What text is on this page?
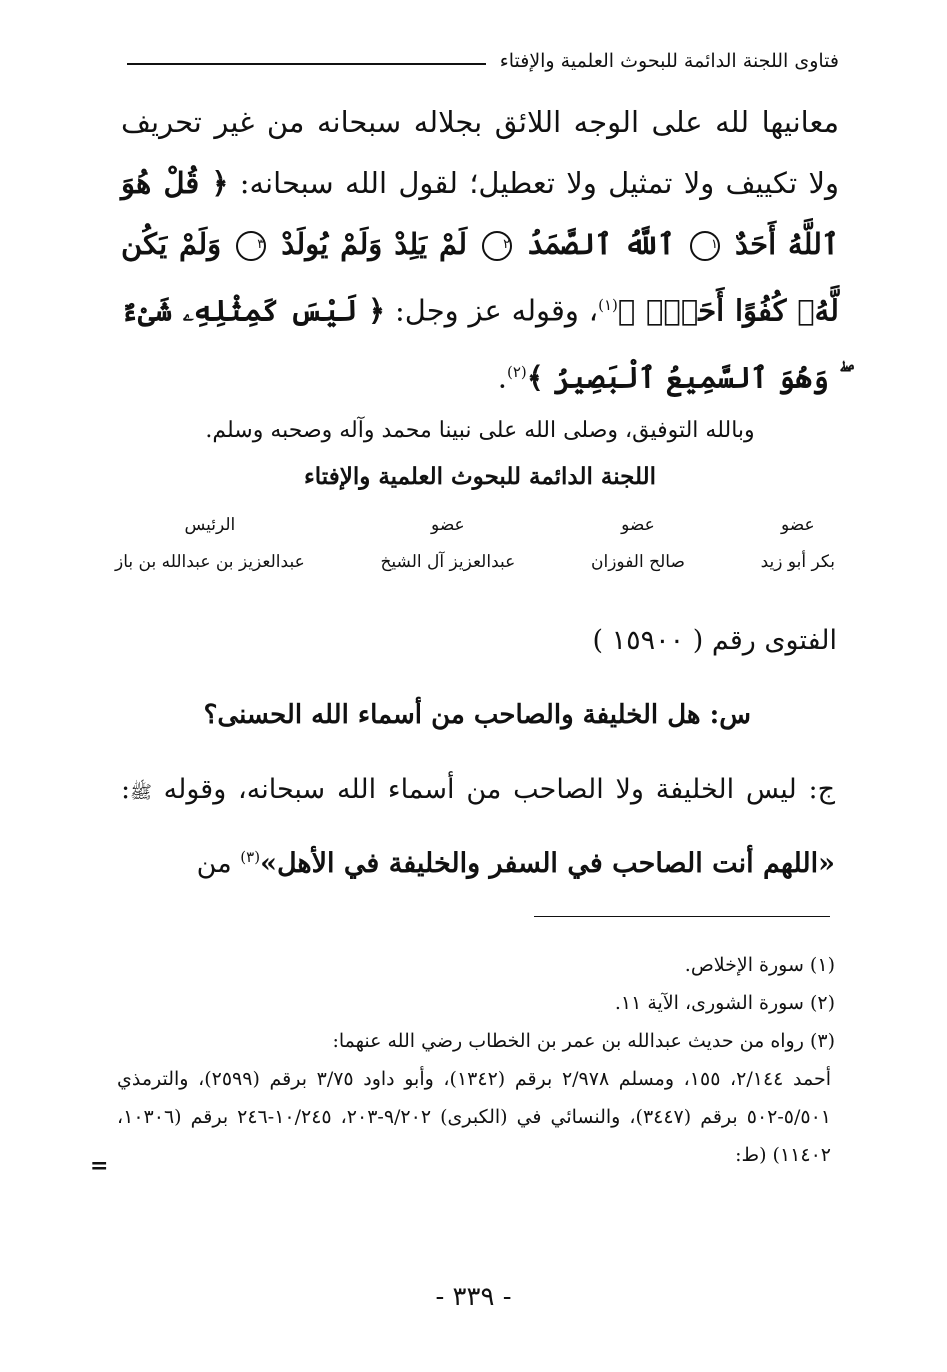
فتاوى اللجنة الدائمة للبحوث العلمية والإفتاء
معانيها لله على الوجه اللائق بجلاله سبحانه من غير تحريف ولا تكييف ولا تمثيل ولا تعطيل؛ لقول الله سبحانه: ﴿ قُلْ هُوَ ٱللَّهُ أَحَدٌ ١ ٱللَّهُ ٱلصَّمَدُ ٢ لَمْ يَلِدْ وَلَمْ يُولَدْ ٣ وَلَمْ يَكُن لَّهُۥ كُفُوًا أَحَدٌۢ ﴾$^{(١)}$، وقوله عز وجل: ﴿ لَيْسَ كَمِثْلِهِۦ شَىْءٌ ۖ وَهُوَ ٱلسَّمِيعُ ٱلْبَصِيرُ ﴾$^{(٢)}$.
وبالله التوفيق، وصلى الله على نبينا محمد وآله وصحبه وسلم.
اللجنة الدائمة للبحوث العلمية والإفتاء
عضو
بكر أبو زيد
عضو
صالح الفوزان
عضو
عبدالعزيز آل الشيخ
الرئيس
عبدالعزيز بن عبدالله بن باز
الفتوى رقم ( ١٥٩٠٠ )
س: هل الخليفة والصاحب من أسماء الله الحسنى؟
ج: ليس الخليفة ولا الصاحب من أسماء الله سبحانه، وقوله ﷺ: «اللهم أنت الصاحب في السفر والخليفة في الأهل»$^{(٣)}$ من
(١) سورة الإخلاص.
(٢) سورة الشورى، الآية ١١.
(٣) رواه من حديث عبدالله بن عمر بن الخطاب رضي الله عنهما:
أحمد ٢/١٤٤، ١٥٥، ومسلم ٢/٩٧٨ برقم (١٣٤٢)، وأبو داود ٣/٧٥ برقم (٢٥٩٩)، والترمذي ٥/٥٠١-٥٠٢ برقم (٣٤٤٧)، والنسائي في (الكبرى) ٩/٢٠٢-٢٠٣، ١٠/٢٤٥-٢٤٦ برقم (١٠٣٠٦، ١١٤٠٢) (ط:
=
- ٣٣٩ -
